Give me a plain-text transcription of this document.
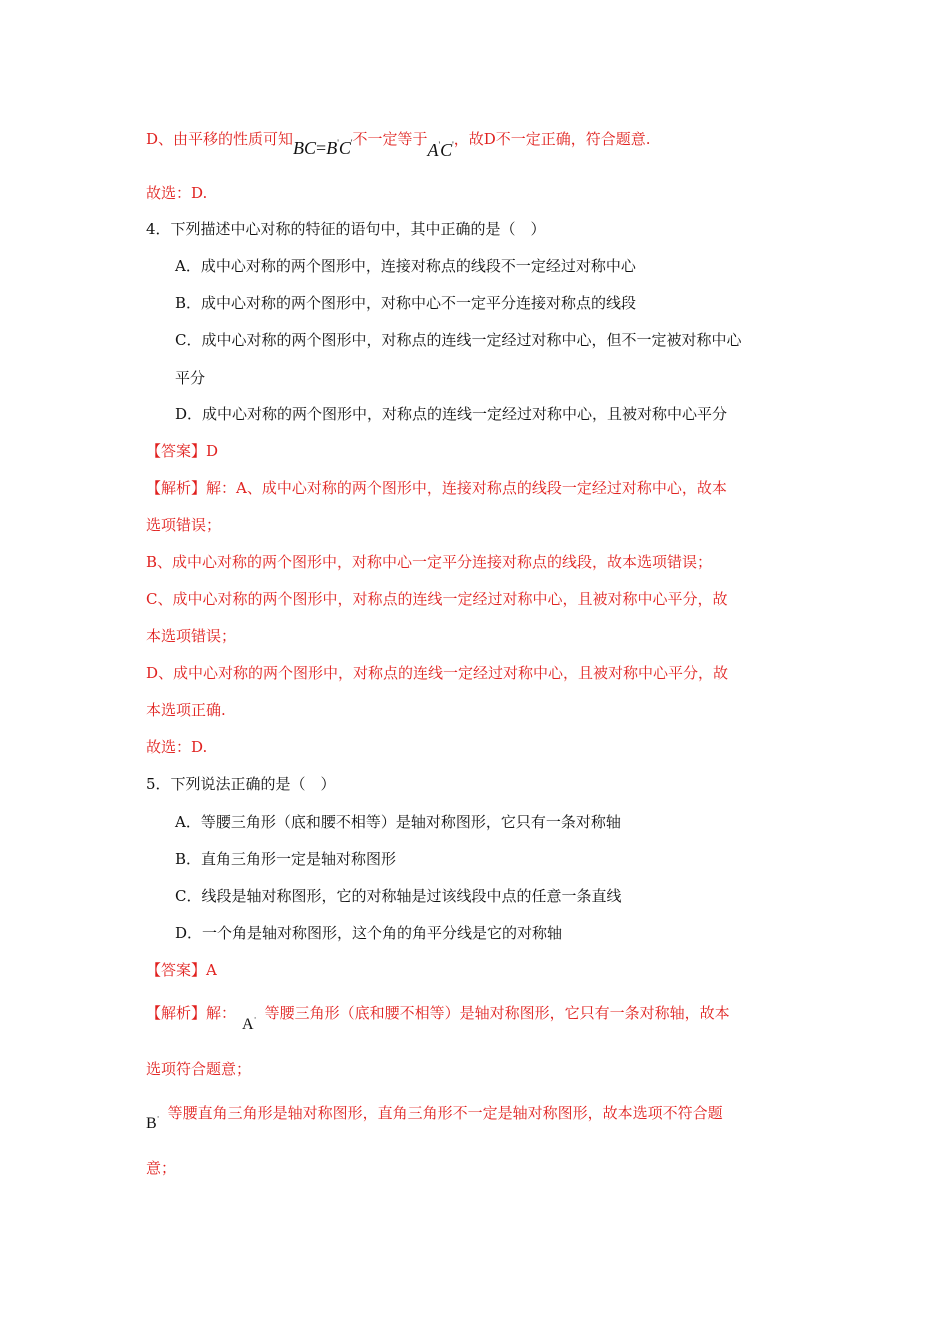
D、由平移的性质可知BC=B'C'不一定等于A'C'，故D不一定正确，符合题意.
故选：D.
4．下列描述中心对称的特征的语句中，其中正确的是（　）
A．成中心对称的两个图形中，连接对称点的线段不一定经过对称中心
B．成中心对称的两个图形中，对称中心不一定平分连接对称点的线段
C．成中心对称的两个图形中，对称点的连线一定经过对称中心，但不一定被对称中心
平分
D．成中心对称的两个图形中，对称点的连线一定经过对称中心，且被对称中心平分
【答案】D
【解析】解：A、成中心对称的两个图形中，连接对称点的线段一定经过对称中心，故本
选项错误；
B、成中心对称的两个图形中，对称中心一定平分连接对称点的线段，故本选项错误；
C、成中心对称的两个图形中，对称点的连线一定经过对称中心，且被对称中心平分，故
本选项错误；
D、成中心对称的两个图形中，对称点的连线一定经过对称中心，且被对称中心平分，故
本选项正确.
故选：D.
5．下列说法正确的是（　）
A．等腰三角形（底和腰不相等）是轴对称图形，它只有一条对称轴
B．直角三角形一定是轴对称图形
C．线段是轴对称图形，它的对称轴是过该线段中点的任意一条直线
D．一个角是轴对称图形，这个角的角平分线是它的对称轴
【答案】A
【解析】解：A· 等腰三角形（底和腰不相等）是轴对称图形，它只有一条对称轴，故本
选项符合题意；
B· 等腰直角三角形是轴对称图形，直角三角形不一定是轴对称图形，故本选项不符合题
意；
